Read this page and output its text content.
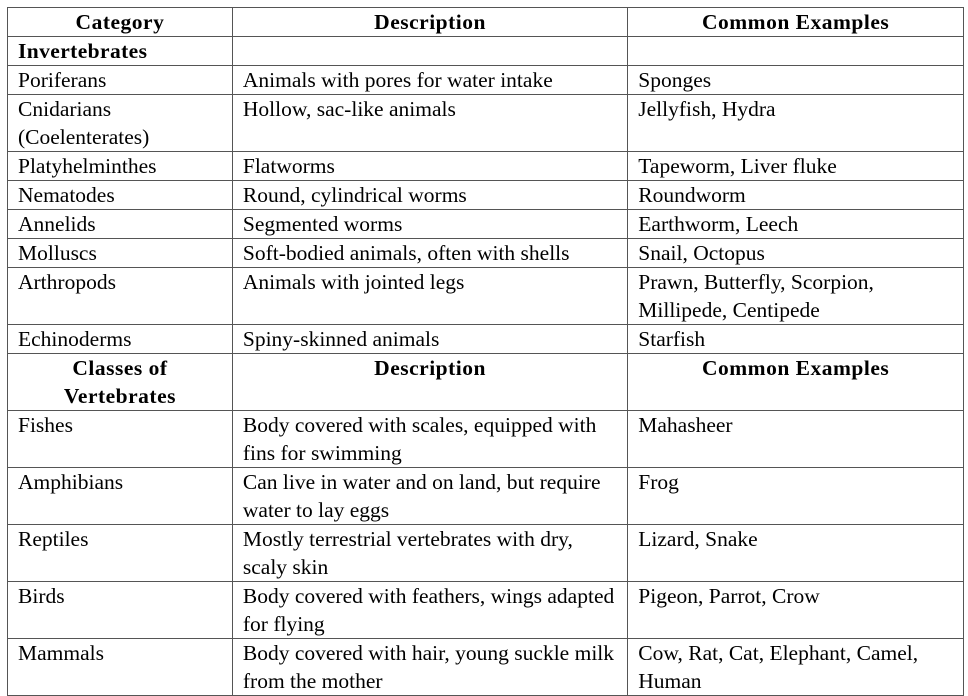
Category	Description	Common Examples
Invertebrates		
Poriferans	Animals with pores for water intake	Sponges
Cnidarians (Coelenterates)	Hollow, sac-like animals	Jellyfish, Hydra
Platyhelminthes	Flatworms	Tapeworm, Liver fluke
Nematodes	Round, cylindrical worms	Roundworm
Annelids	Segmented worms	Earthworm, Leech
Molluscs	Soft-bodied animals, often with shells	Snail, Octopus
Arthropods	Animals with jointed legs	Prawn, Butterfly, Scorpion, Millipede, Centipede
Echinoderms	Spiny-skinned animals	Starfish
Classes of Vertebrates	Description	Common Examples
Fishes	Body covered with scales, equipped with fins for swimming	Mahasheer
Amphibians	Can live in water and on land, but require water to lay eggs	Frog
Reptiles	Mostly terrestrial vertebrates with dry, scaly skin	Lizard, Snake
Birds	Body covered with feathers, wings adapted for flying	Pigeon, Parrot, Crow
Mammals	Body covered with hair, young suckle milk from the mother	Cow, Rat, Cat, Elephant, Camel, Human
